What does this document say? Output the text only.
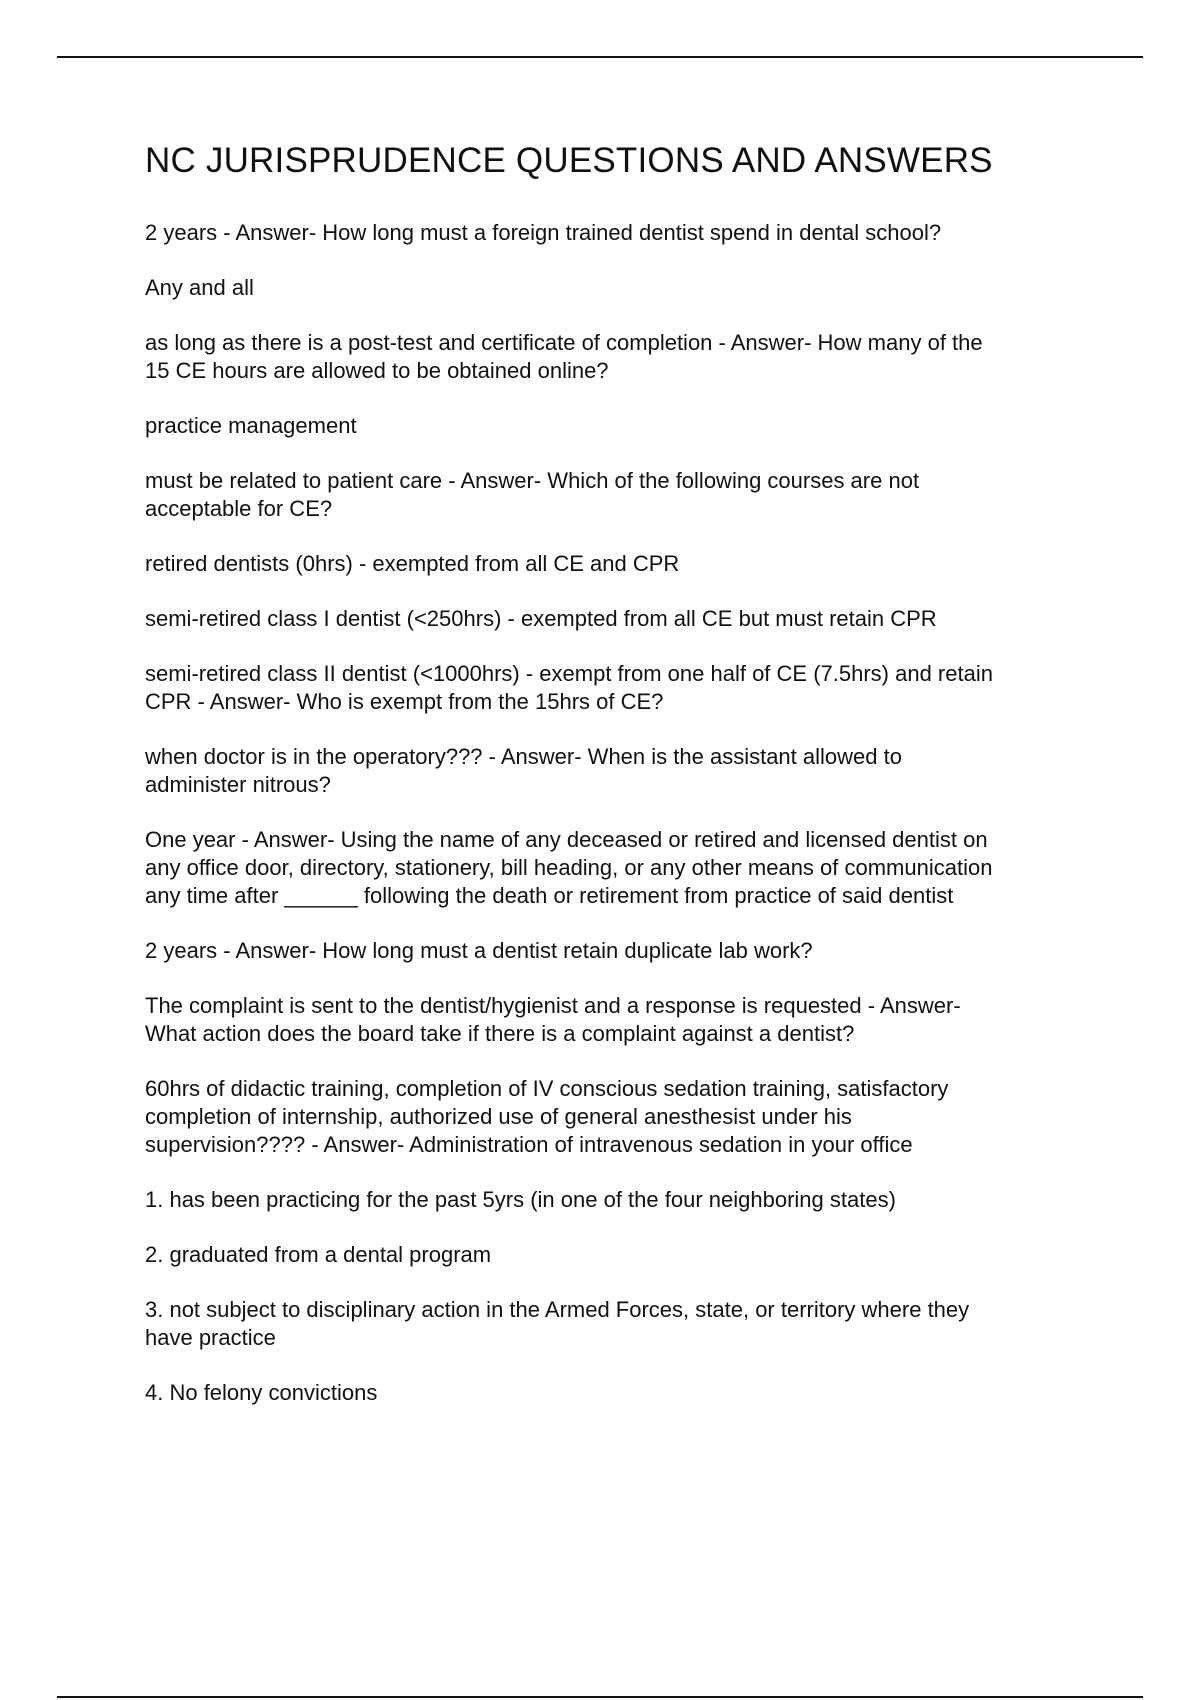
NC JURISPRUDENCE QUESTIONS AND ANSWERS
2 years - Answer- How long must a foreign trained dentist spend in dental school?
Any and all
as long as there is a post-test and certificate of completion - Answer- How many of the
15 CE hours are allowed to be obtained online?
practice management
must be related to patient care - Answer- Which of the following courses are not
acceptable for CE?
retired dentists (0hrs) - exempted from all CE and CPR
semi-retired class I dentist (<250hrs) - exempted from all CE but must retain CPR
semi-retired class II dentist (<1000hrs) - exempt from one half of CE (7.5hrs) and retain
CPR - Answer- Who is exempt from the 15hrs of CE?
when doctor is in the operatory??? - Answer- When is the assistant allowed to
administer nitrous?
One year - Answer- Using the name of any deceased or retired and licensed dentist on
any office door, directory, stationery, bill heading, or any other means of communication
any time after ______ following the death or retirement from practice of said dentist
2 years - Answer- How long must a dentist retain duplicate lab work?
The complaint is sent to the dentist/hygienist and a response is requested - Answer-
What action does the board take if there is a complaint against a dentist?
60hrs of didactic training, completion of IV conscious sedation training, satisfactory
completion of internship, authorized use of general anesthesist under his
supervision???? - Answer- Administration of intravenous sedation in your office
1. has been practicing for the past 5yrs (in one of the four neighboring states)
2. graduated from a dental program
3. not subject to disciplinary action in the Armed Forces, state, or territory where they
have practice
4. No felony convictions
